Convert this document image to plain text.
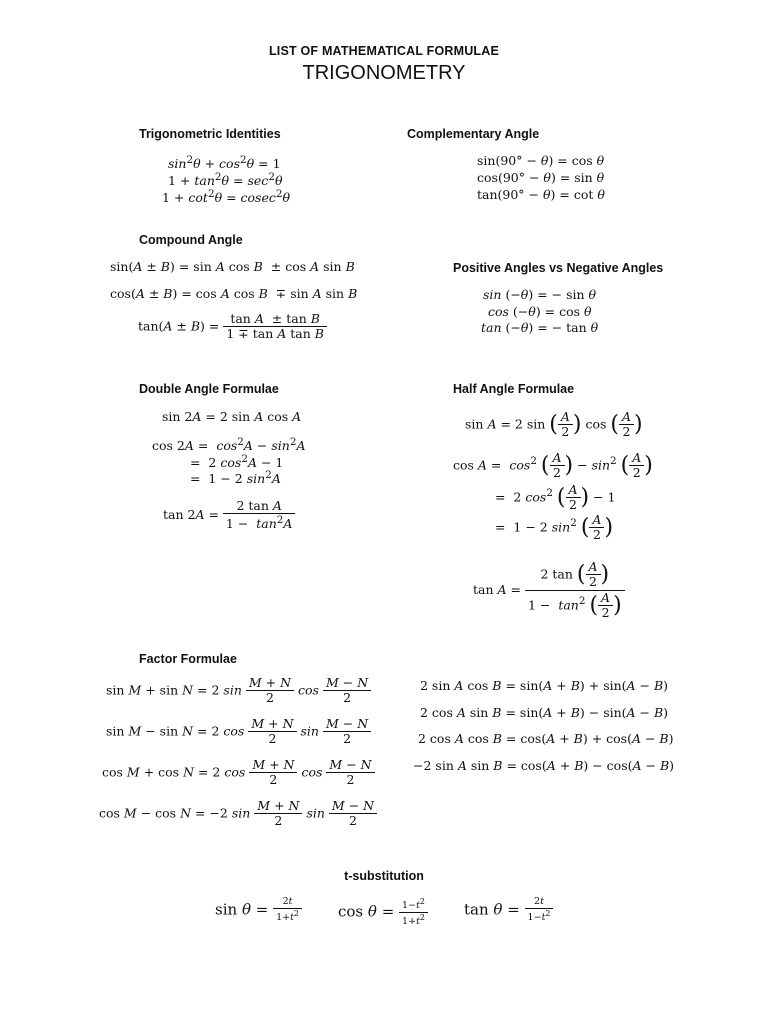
LIST OF MATHEMATICAL FORMULAE
TRIGONOMETRY
Trigonometric Identities	Complementary Angle
Compound Angle
Positive Angles vs Negative Angles
Double Angle Formulae	Half Angle Formulae
Factor Formulae
t-substitution
$\sin^2\theta + \cos^2\theta = 1$
$1 + \tan^2\theta = \sec^2\theta$
$1 + \cot^2\theta = cosec^2\theta$
sin(90° − θ) = cos θ
cos(90° − θ) = sin θ
tan(90° − θ) = cot θ
sin(A ± B) = sin A cos B  ± cos A sin B
cos(A ± B) = cos A cos B  ∓ sin A sin B
$\tan(A \pm B) = \frac{\text{tan A  ± tan B}}{\text{1 ∓ tan A tan B}}$
sin (−θ) = − sin θ
cos (−θ) = cos θ
tan (−θ) = − tan θ
sin 2A = 2 sin A cos A
$\cos 2A = \cos^2A - \sin^2A$
=  2 $\cos^2A - 1$
=  1 − 2 $\sin^2A$
$\tan 2A = \frac{\text{2 tan A}}{1 - \tan^2A}$
sin A = 2 sin ( $\frac{A}{2}$ ) cos ( $\frac{A}{2}$ )
$\cos A = \cos^2$ ( $\frac{A}{2}$ ) − $\sin^2$ ( $\frac{A}{2}$ )
=  2 $\cos^2$ ( $\frac{A}{2}$ ) − 1
=  1 − 2 $\sin^2$ ( $\frac{A}{2}$ )
$\tan A = \frac{2 \tan ( \frac{A}{2} )}{1 - \tan^2 ( \frac{A}{2} )}$
sin M + sin N = 2 $\sin \frac{M + N}{2}$ $\cos \frac{M - N}{2}$
sin M − sin N = 2 $\cos \frac{M + N}{2}$ $\sin \frac{M - N}{2}$
cos M + cos N = 2 $\cos \frac{M + N}{2}$ $\cos \frac{M - N}{2}$
cos M − cos N = −2 $\sin \frac{M + N}{2}$ $\sin \frac{M - N}{2}$
2 sin A cos B = sin(A + B) + sin(A − B)
2 cos A sin B = sin(A + B) − sin(A − B)
2 cos A cos B = cos(A + B) + cos(A − B)
−2 sin A sin B = cos(A + B) − cos(A − B)
$\sin \theta = \frac{2t}{1+t^2}$ $\cos \theta = \frac{1-t^2}{1+t^2}$ $\tan \theta = \frac{2t}{1-t^2}$
